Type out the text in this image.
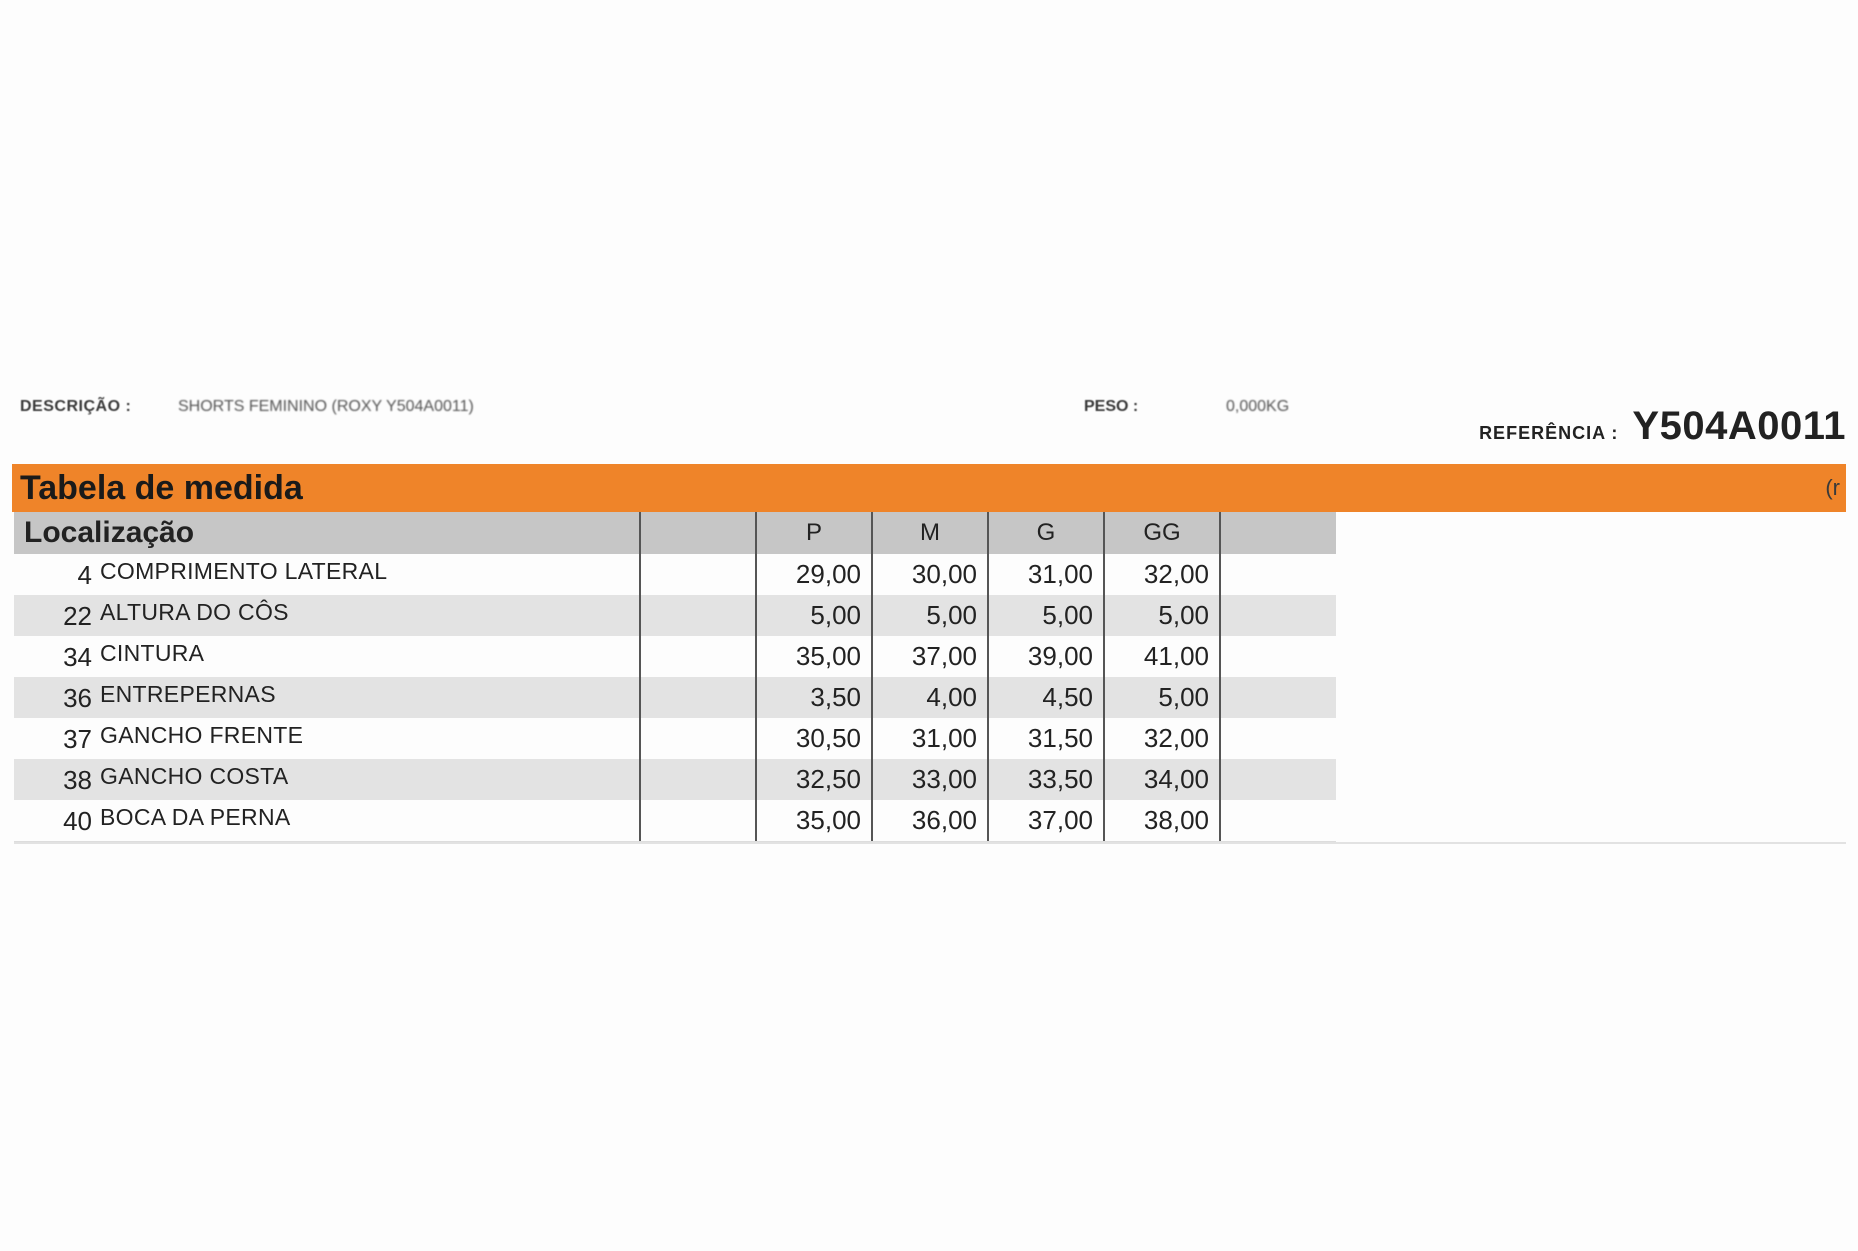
DESCRIÇÃO :	SHORTS FEMININO (ROXY Y504A0011)	PESO :	0,000KG
REFERÊNCIA : Y504A0011
Tabela de medida	(r
Localização		P	M	G	GG	
4 COMPRIMENTO LATERAL		29,00	30,00	31,00	32,00	
22 ALTURA DO CÔS		5,00	5,00	5,00	5,00	
34 CINTURA		35,00	37,00	39,00	41,00	
36 ENTREPERNAS		3,50	4,00	4,50	5,00	
37 GANCHO FRENTE		30,50	31,00	31,50	32,00	
38 GANCHO COSTA		32,50	33,00	33,50	34,00	
40 BOCA DA PERNA		35,00	36,00	37,00	38,00	
